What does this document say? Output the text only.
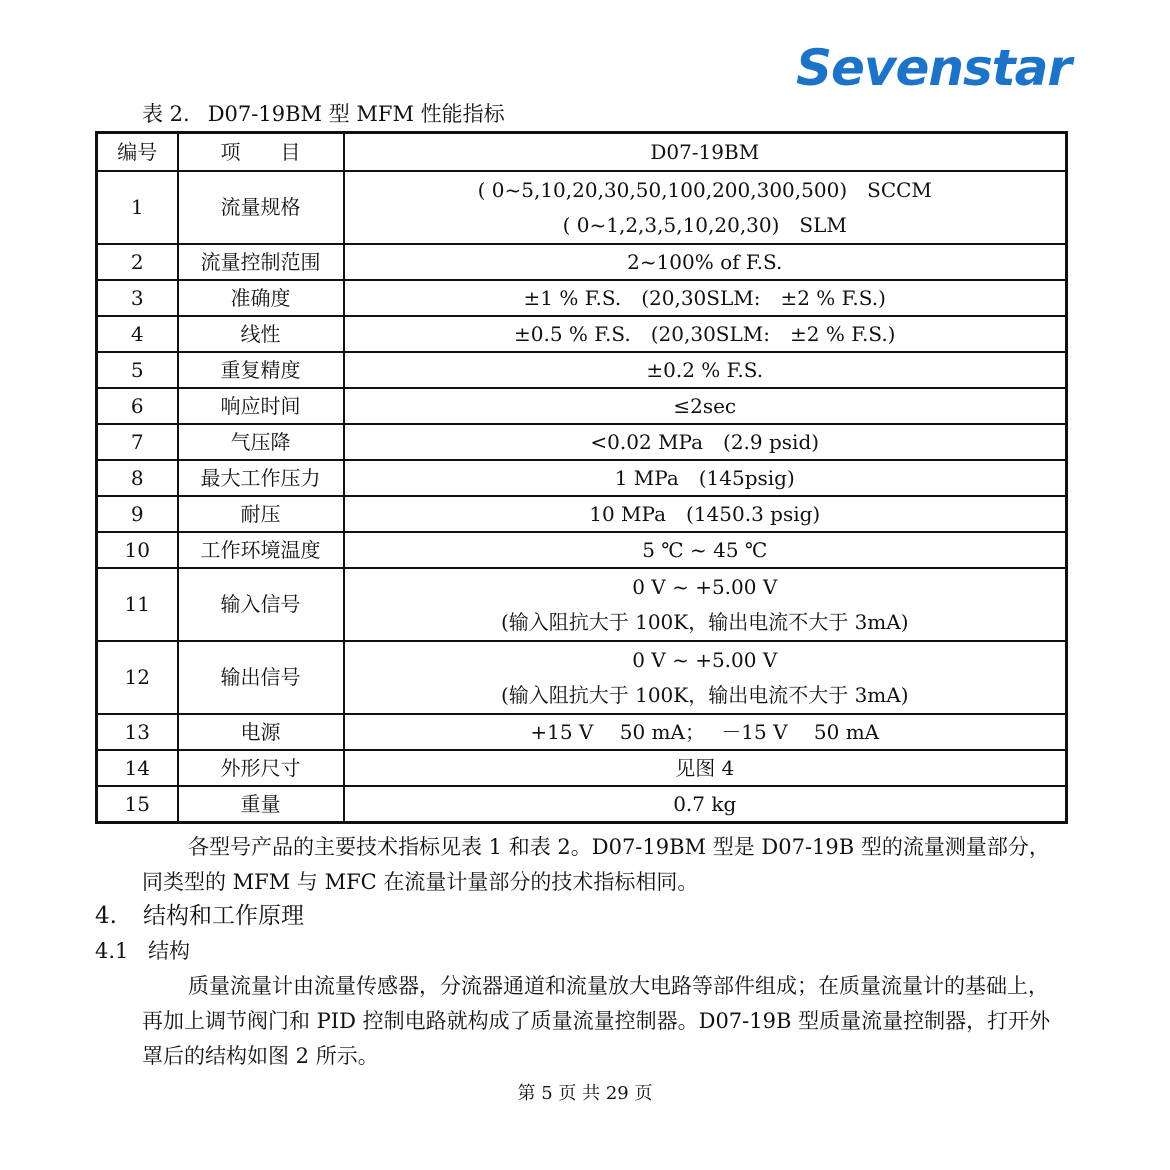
Sevenstar
表 2. D07-19BM 型 MFM 性能指标
编号	项　　目	D07-19BM
1	流量规格	( 0~5,10,20,30,50,100,200,300,500)　SCCM
( 0~1,2,3,5,10,20,30)　SLM

2	流量控制范围	2~100% of F.S.
3	准确度	±1 % F.S.　(20,30SLM:　±2 % F.S.)
4	线性	±0.5 % F.S.　(20,30SLM:　±2 % F.S.)
5	重复精度	±0.2 % F.S.
6	响应时间	≤2sec
7	气压降	<0.02 MPa　(2.9 psid)
8	最大工作压力	1 MPa　(145psig)
9	耐压	10 MPa　(1450.3 psig)
10	工作环境温度	5 ℃ ~ 45 ℃
11	输入信号	0 V ~ +5.00 V
(输入阻抗大于 100K，输出电流不大于 3mA)

12	输出信号	0 V ~ +5.00 V
(输入阻抗大于 100K，输出电流不大于 3mA)

13	电源	+15 V　 50 mA；　 －15 V　 50 mA
14	外形尺寸	见图 4
15	重量	0.7 kg
各型号产品的主要技术指标见表 1 和表 2。D07-19BM 型是 D07-19B 型的流量测量部分，同类型的 MFM 与 MFC 在流量计量部分的技术指标相同。
4. 结构和工作原理
4.1 结构
质量流量计由流量传感器，分流器通道和流量放大电路等部件组成；在质量流量计的基础上，再加上调节阀门和 PID 控制电路就构成了质量流量控制器。D07-19B 型质量流量控制器，打开外罩后的结构如图 2 所示。
第 5 页 共 29 页
